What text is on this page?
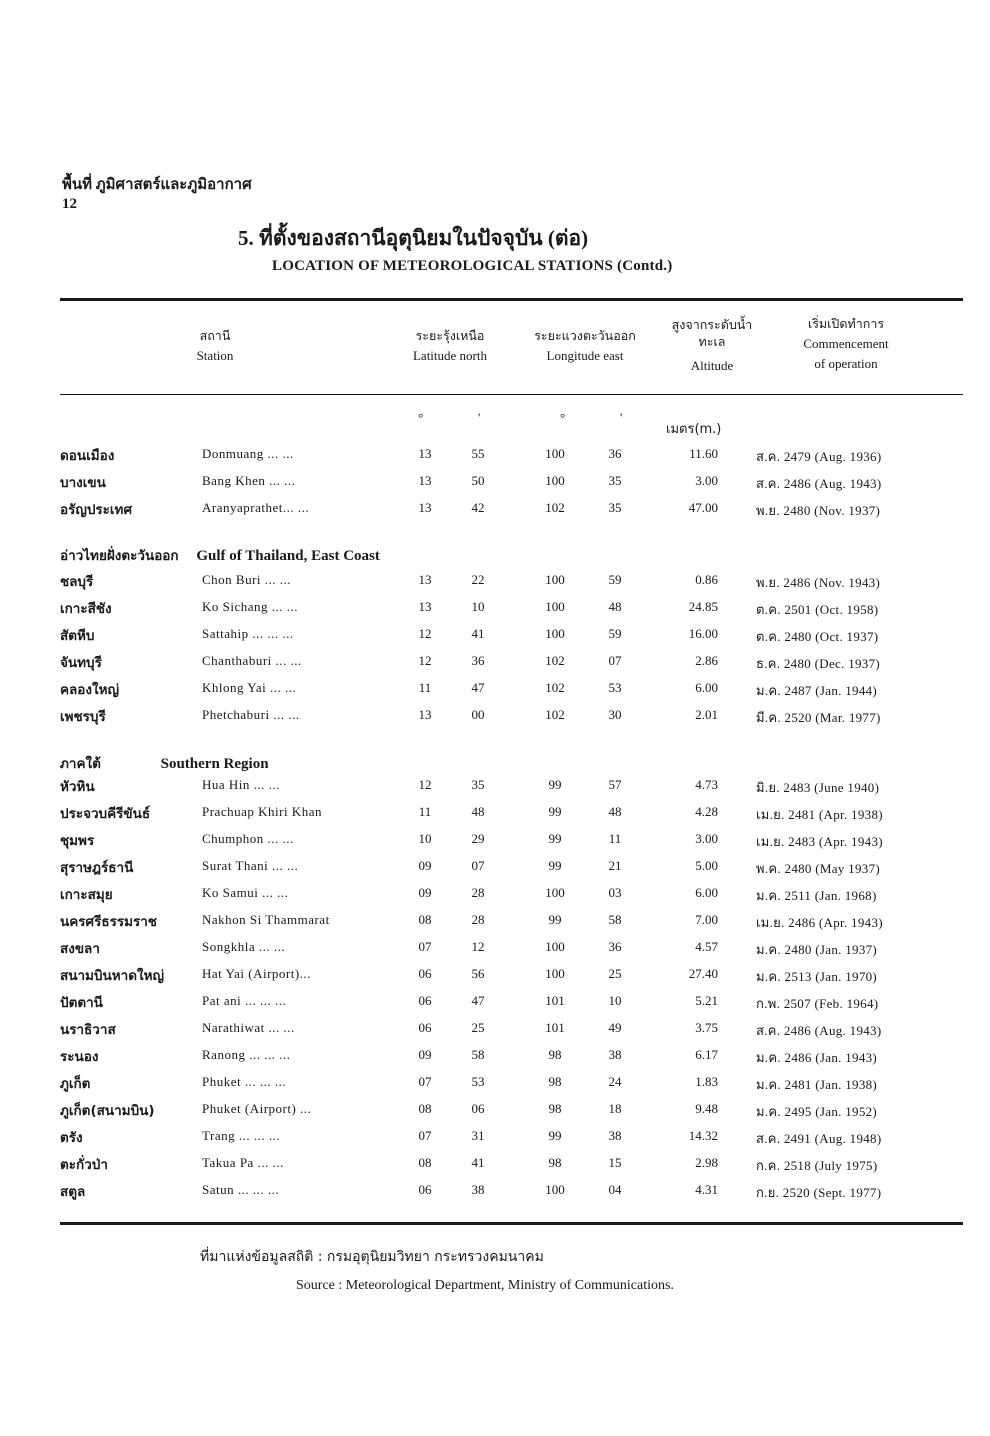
พื้นที่ ภูมิศาสตร์และภูมิอากาศ
12
5. ที่ตั้งของสถานีอุตุนิยมในปัจจุบัน (ต่อ)
LOCATION OF METEOROLOGICAL STATIONS (Contd.)
สถานี
Station
ระยะรุ้งเหนือ
Latitude north
ระยะแวงตะวันออก
Longitude east
สูงจากระดับน้ำทะเล
Altitude
เริ่มเปิดทำการ
Commencement
of operation
°	'	°	'
เมตร(m.)
อ่าวไทยฝั่งตะวันออก Gulf of Thailand, East Coast
ภาคใต้	Southern Region
ดอนเมือง	Donmuang ... ...	13	55	100	36	11.60	ส.ค. 2479 (Aug. 1936)
บางเขน	Bang Khen ... ...	13	50	100	35	3.00	ส.ค. 2486 (Aug. 1943)
อรัญประเทศ	Aranyaprathet... ...	13	42	102	35	47.00	พ.ย. 2480 (Nov. 1937)
ชลบุรี	Chon Buri ... ...	13	22	100	59	0.86	พ.ย. 2486 (Nov. 1943)
เกาะสีชัง	Ko Sichang ... ...	13	10	100	48	24.85	ต.ค. 2501 (Oct. 1958)
สัตหีบ	Sattahip ... ... ...	12	41	100	59	16.00	ต.ค. 2480 (Oct. 1937)
จันทบุรี	Chanthaburi ... ...	12	36	102	07	2.86	ธ.ค. 2480 (Dec. 1937)
คลองใหญ่	Khlong Yai ... ...	11	47	102	53	6.00	ม.ค. 2487 (Jan. 1944)
เพชรบุรี	Phetchaburi ... ...	13	00	102	30	2.01	มี.ค. 2520 (Mar. 1977)
หัวหิน	Hua Hin ... ...	12	35	99	57	4.73	มิ.ย. 2483 (June 1940)
ประจวบคีรีขันธ์	Prachuap Khiri Khan	11	48	99	48	4.28	เม.ย. 2481 (Apr. 1938)
ชุมพร	Chumphon ... ...	10	29	99	11	3.00	เม.ย. 2483 (Apr. 1943)
สุราษฎร์ธานี	Surat Thani ... ...	09	07	99	21	5.00	พ.ค. 2480 (May 1937)
เกาะสมุย	Ko Samui ... ...	09	28	100	03	6.00	ม.ค. 2511 (Jan. 1968)
นครศรีธรรมราช	Nakhon Si Thammarat	08	28	99	58	7.00	เม.ย. 2486 (Apr. 1943)
สงขลา	Songkhla ... ...	07	12	100	36	4.57	ม.ค. 2480 (Jan. 1937)
สนามบินหาดใหญ่	Hat Yai (Airport)...	06	56	100	25	27.40	ม.ค. 2513 (Jan. 1970)
ปัตตานี	Pat ani ... ... ...	06	47	101	10	5.21	ก.พ. 2507 (Feb. 1964)
นราธิวาส	Narathiwat ... ...	06	25	101	49	3.75	ส.ค. 2486 (Aug. 1943)
ระนอง	Ranong ... ... ...	09	58	98	38	6.17	ม.ค. 2486 (Jan. 1943)
ภูเก็ต	Phuket ... ... ...	07	53	98	24	1.83	ม.ค. 2481 (Jan. 1938)
ภูเก็ต(สนามบิน)	Phuket (Airport) ...	08	06	98	18	9.48	ม.ค. 2495 (Jan. 1952)
ตรัง	Trang ... ... ...	07	31	99	38	14.32	ส.ค. 2491 (Aug. 1948)
ตะกั่วป่า	Takua Pa ... ...	08	41	98	15	2.98	ก.ค. 2518 (July 1975)
สตูล	Satun ... ... ...	06	38	100	04	4.31	ก.ย. 2520 (Sept. 1977)
ที่มาแห่งข้อมูลสถิติ : กรมอุตุนิยมวิทยา กระทรวงคมนาคม
Source : Meteorological Department, Ministry of Communications.
